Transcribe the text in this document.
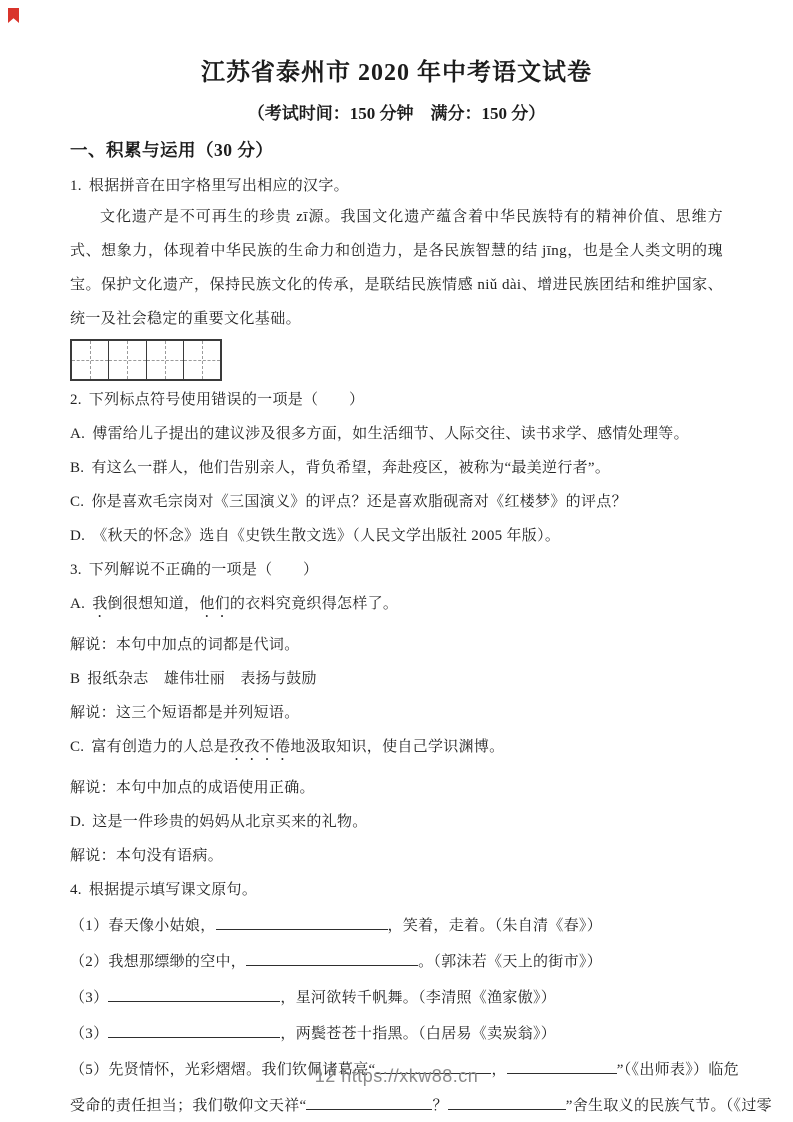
江苏省泰州市 2020 年中考语文试卷
（考试时间：150 分钟　满分：150 分）
一、积累与运用（30 分）
1. 根据拼音在田字格里写出相应的汉字。

文化遗产是不可再生的珍贵 zī源。我国文化遗产蕴含着中华民族特有的精神价值、思维方式、想象力，体现着中华民族的生命力和创造力，是各民族智慧的结 jīng，也是全人类文明的瑰宝。保护文化遗产，保持民族文化的传承，是联结民族情感 niǔ dài、增进民族团结和维护国家、统一及社会稳定的重要文化基础。

2. 下列标点符号使用错误的一项是（　　）
A. 傅雷给儿子提出的建议涉及很多方面，如生活细节、人际交往、读书求学、感情处理等。
B. 有这么一群人，他们告别亲人，背负希望，奔赴疫区，被称为“最美逆行者”。
C. 你是喜欢毛宗岗对《三国演义》的评点？还是喜欢脂砚斋对《红楼梦》的评点？
D. 《秋天的怀念》选自《史铁生散文选》（人民文学出版社 2005 年版）。
3. 下列解说不正确的一项是（　　）
A. 我倒很想知道，他们的衣料究竟织得怎样了。
解说：本句中加点的词都是代词。
B 报纸杂志　雄伟壮丽　表扬与鼓励
解说：这三个短语都是并列短语。
C. 富有创造力的人总是孜孜不倦地汲取知识，使自己学识渊博。
解说：本句中加点的成语使用正确。
D. 这是一件珍贵的妈妈从北京买来的礼物。
解说：本句没有语病。
4. 根据提示填写课文原句。
（1）春天像小姑娘，	，笑着，走着。（朱自清《春》）
（2）我想那缥缈的空中，	。（郭沫若《天上的街市》）
（3）	，星河欲转千帆舞。（李清照《渔家傲》）
（3）	，两鬓苍苍十指黑。（白居易《卖炭翁》）
（5）先贤情怀，光彩熠熠。我们钦佩诸葛亮“	，	”（《出师表》）临危
受命的责任担当；我们敬仰文天祥“	？	”舍生取义的民族气节。（《过零
12 https://xkw88.cn
